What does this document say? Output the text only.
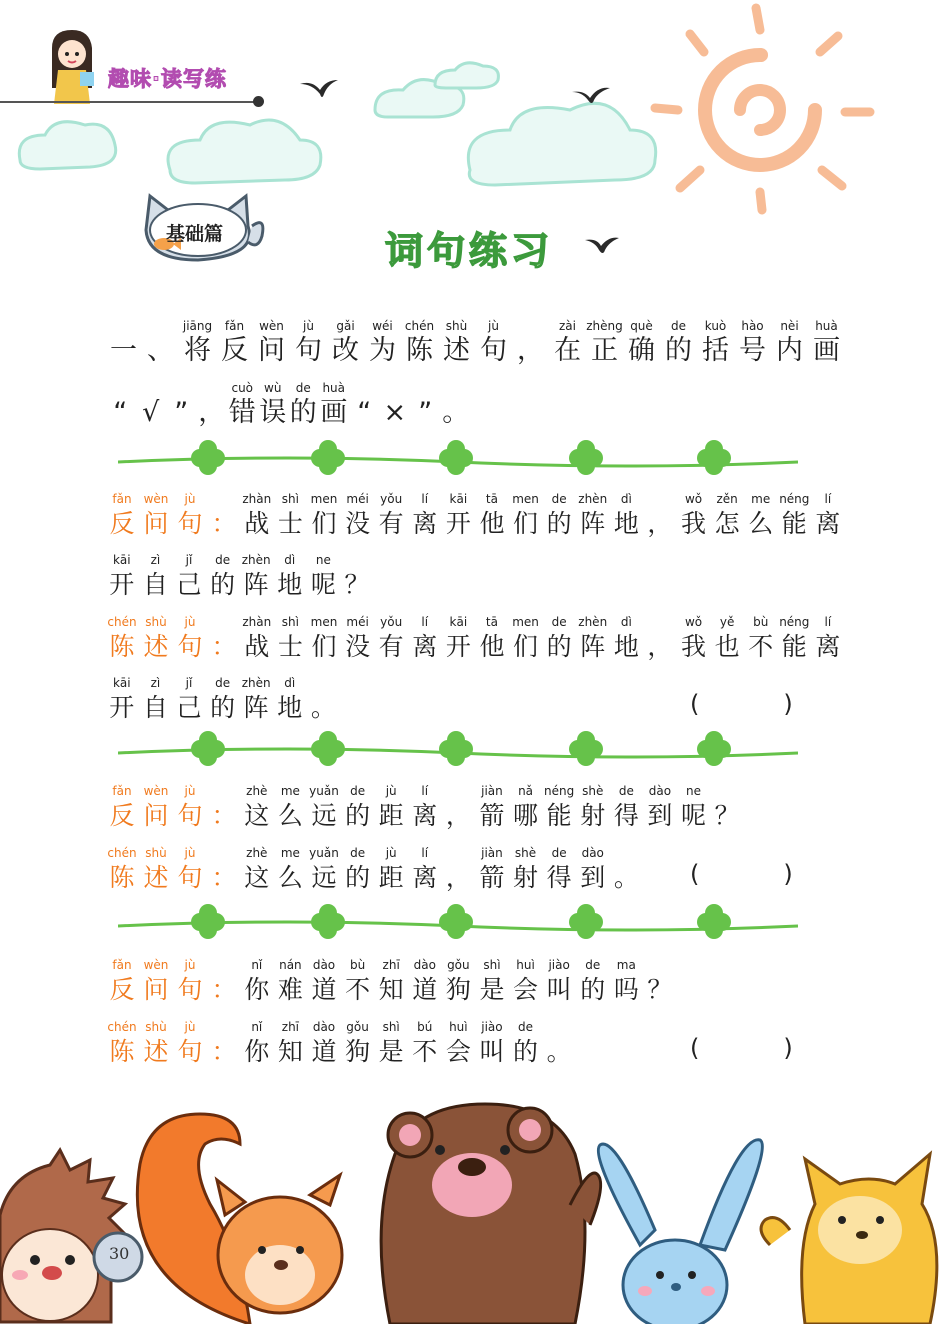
趣味·读写练
基础篇	词句练习
一 、
jiāng
将
fǎn
反
wèn
问
jù
句
gǎi
改
wéi
为
chén
陈
shù
述
jù
句 ，
zài
在
zhèng
正
què
确
de
的
kuò
括
hào
号
nèi
内
huà
画
“ √ ” ，
cuò
错
wù
误
de
的
huà
画 “ × ” 。
fǎn
反
wèn
问
jù
句 ：
zhàn
战
shì
士
men
们
méi
没
yǒu
有
lí
离
kāi
开
tā
他
men
们
de
的
zhèn
阵
dì
地 ，
wǒ
我
zěn
怎
me
么
néng
能
lí
离
kāi
开
zì
自
jǐ
己
de
的
zhèn
阵
dì
地
ne
呢 ？
chén
陈
shù
述
jù
句 ：
zhàn
战
shì
士
men
们
méi
没
yǒu
有
lí
离
kāi
开
tā
他
men
们
de
的
zhèn
阵
dì
地 ，
wǒ
我
yě
也
bù
不
néng
能
lí
离
kāi
开
zì
自
jǐ
己
de
的
zhèn
阵
dì
地 。	(	)
fǎn
反
wèn
问
jù
句 ：
zhè
这
me
么
yuǎn
远
de
的
jù
距
lí
离 ，
jiàn
箭
nǎ
哪
néng
能
shè
射
de
得
dào
到
ne
呢 ？
chén
陈
shù
述
jù
句 ：
zhè
这
me
么
yuǎn
远
de
的
jù
距
lí
离 ，
jiàn
箭
shè
射
de
得
dào
到 。 (	)
fǎn
反
wèn
问
jù
句 ：
nǐ
你
nán
难
dào
道
bù
不
zhī
知
dào
道
gǒu
狗
shì
是
huì
会
jiào
叫
de
的
ma
吗 ？
chén
陈
shù
述
jù
句 ：
nǐ
你
zhī
知
dào
道
gǒu
狗
shì
是
bú
不
huì
会
jiào
叫
de
的 。	(	)
30
